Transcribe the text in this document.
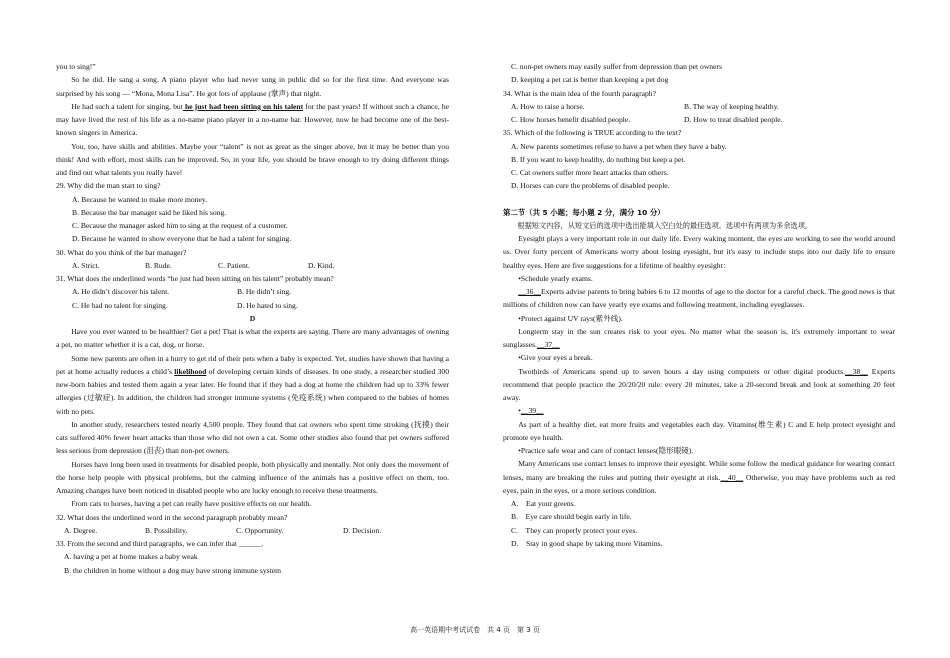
you to sing!”

So he did. He sang a song. A piano player who had never sung in public did so for the first time. And everyone was surprised by his song — “Mona, Mona Lisa”. He got lots of applause (掌声) that night.

He had such a talent for singing, but he just had been sitting on his talent for the past years! If without such a chance, he may have lived the rest of his life as a no-name piano player in a no-name bar. However, now he had become one of the best-known singers in America.

You, too, have skills and abilities. Maybe your “talent” is not as great as the singer above, but it may be better than you think! And with effort, most skills can be improved. So, in your life, you should be brave enough to try doing different things and find out what talents you really have!

29. Why did the man start to sing?

A. Because he wanted to make more money.

B. Because the bar manager said he liked his song.

C. Because the manager asked him to sing at the request of a customer.

D. Because he wanted to show everyone that he had a talent for singing.

30. What do you think of the bar manager?

A. Strict.	B. Rude.	C. Patient.	D. Kind.

31. What does the underlined words “he just had been sitting on his talent” probably mean?

A. He didn’t discover his talent.	B. He didn’t sing.
C. He had no talent for singing.	D. He hated to sing.

D

Have you ever wanted to be healthier? Get a pet! That is what the experts are saying. There are many advantages of owning a pet, no matter whether it is a cat, dog, or horse.

Some new parents are often in a hurry to get rid of their pets when a baby is expected. Yet, studies have shown that having a pet at home actually reduces a child’s likelihood of developing certain kinds of diseases. In one study, a researcher studied 300 new-born babies and tested them again a year later. He found that if they had a dog at home the children had up to 33% fewer allergies (过敏症). In addition, the children had stronger immune systems (免疫系统) when compared to the babies of homes with no pets.

In another study, researchers tested nearly 4,500 people. They found that cat owners who spent time stroking (抚摸) their cats suffered 40% fewer heart attacks than those who did not own a cat. Some other studies also found that pet owners suffered less serious from depression (沮丧) than non-pet owners.

Horses have long been used in treatments for disabled people, both physically and mentally. Not only does the movement of the horse help people with physical problems, but the calming influence of the animals has a positive effect on them, too. Amazing changes have been noticed in disabled people who are lucky enough to receive these treatments.

From cats to horses, having a pet can really have positive effects on our health.

32. What does the underlined word in the second paragraph probably mean?

A. Degree.	B. Possibility.	C. Opportunity.	D. Decision.

33. From the second and third paragraphs, we can infer that ______.

A. having a pet at home makes a baby weak

B. the children in home without a dog may have strong immune system

C. non-pet owners may easily suffer from depression than pet owners

D. keeping a pet cat is better than keeping a pet dog

34. What is the main idea of the fourth paragraph?

A. How to raise a horse.	B. The way of keeping healthy.
C. How horses benefit disabled people.	D. How to treat disabled people.

35. Which of the following is TRUE according to the text?

A. New parents sometimes refuse to have a pet when they have a baby.

B. If you want to keep healthy, do nothing but keep a pet.

C. Cat owners suffer more heart attacks than others.

D. Horses can cure the problems of disabled people.

第二节（共 5 小题；每小题 2 分，满分 10 分）

根据短文内容，从短文后的选项中选出能填入空白处的最佳选项。选项中有两项为多余选项。

Eyesight plays a very important role in our daily life. Every waking moment, the eyes are working to see the world around us. Over forty percent of Americans worry about losing eyesight, but it's easy to include steps into our daily life to ensure healthy eyes. Here are five suggestions for a lifetime of healthy eyesight：

•Schedule yearly exams.

__36__Experts advise parents to bring babies 6 to 12 months of age to the doctor for a careful check. The good news is that millions of children now can have yearly eye exams and following treatment, including eyeglasses.

•Protect against UV rays(紫外线).

Longterm stay in the sun creates risk to your eyes. No matter what the season is, it's extremely important to wear sunglasses.__37__

•Give your eyes a break.

Twothirds of Americans spend up to seven hours a day using computers or other digital products.__38__ Experts recommend that people practice the 20/20/20 rule: every 20 minutes, take a 20-second break and look at something 20 feet away.

•__39__

As part of a healthy diet, eat more fruits and vegetables each day. Vitamins(维生素) C and E help protect eyesight and promote eye health.

•Practice safe wear and care of contact lenses(隐形眼镜).

Many Americans use contact lenses to improve their eyesight. While some follow the medical guidance for wearing contact lenses, many are breaking the rules and putting their eyesight at risk.__40__ Otherwise, you may have problems such as red eyes, pain in the eyes, or a more serious condition.

A.　Eat your greens.

B.　Eye care should begin early in life.

C.　They can properly protect your eyes.

D.　Stay in good shape by taking more Vitamins.

高一英语期中考试试卷　共 4 页　第 3 页
